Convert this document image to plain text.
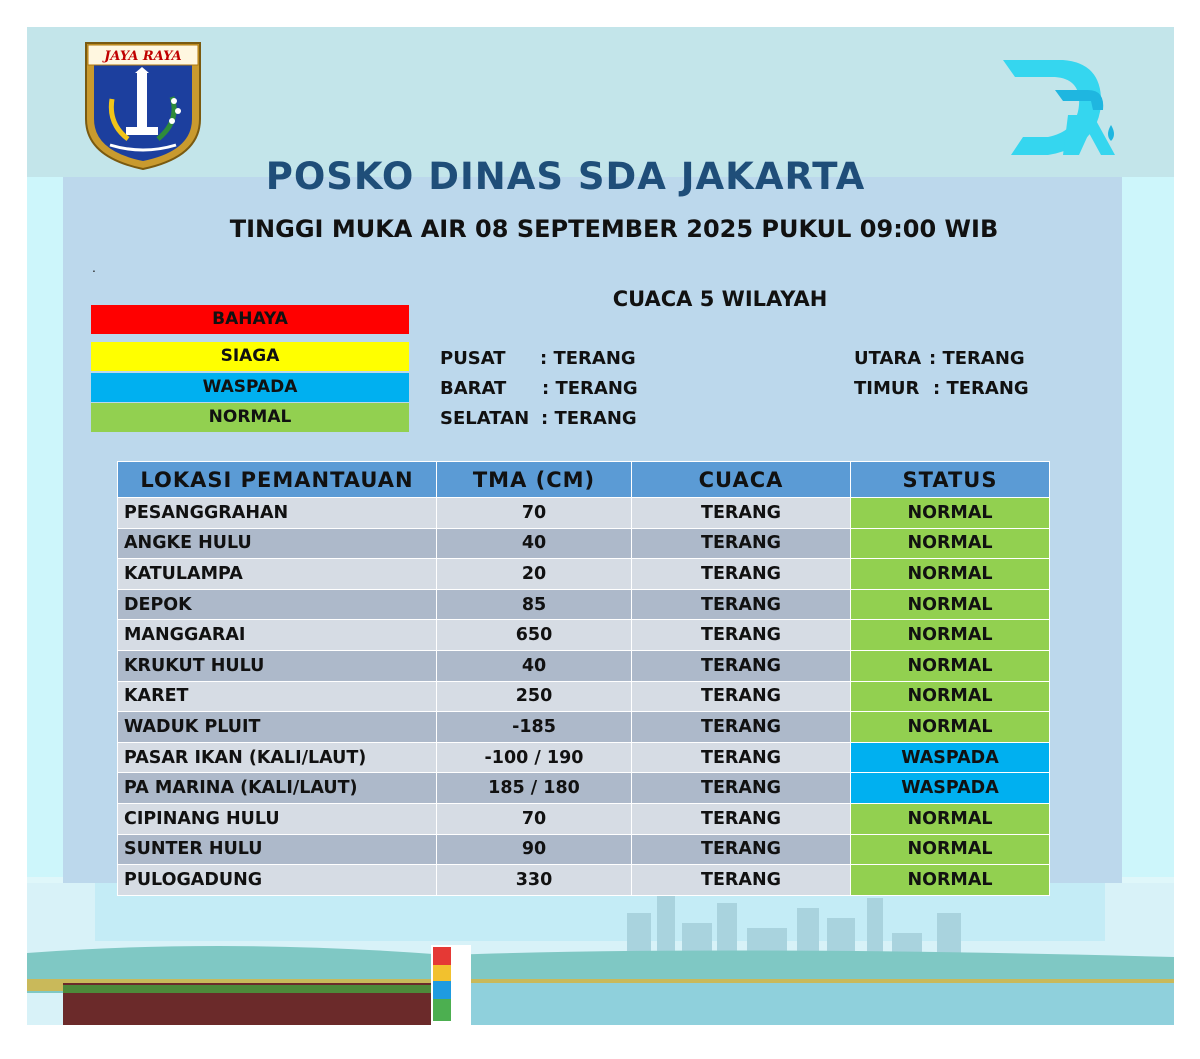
JAYA RAYA
POSKO DINAS SDA JAKARTA
TINGGI MUKA AIR 08 SEPTEMBER 2025 PUKUL 09:00 WIB
.
BAHAYA
SIAGA
WASPADA
NORMAL
CUACA 5 WILAYAH
PUSAT : TERANG
BARAT : TERANG
SELATAN : TERANG
UTARA : TERANG
TIMUR : TERANG
LOKASI PEMANTAUAN	TMA (CM)	CUACA	STATUS
PESANGGRAHAN	70	TERANG	NORMAL
ANGKE HULU	40	TERANG	NORMAL
KATULAMPA	20	TERANG	NORMAL
DEPOK	85	TERANG	NORMAL
MANGGARAI	650	TERANG	NORMAL
KRUKUT HULU	40	TERANG	NORMAL
KARET	250	TERANG	NORMAL
WADUK PLUIT	-185	TERANG	NORMAL
PASAR IKAN (KALI/LAUT)	-100 / 190	TERANG	WASPADA
PA MARINA (KALI/LAUT)	185 / 180	TERANG	WASPADA
CIPINANG HULU	70	TERANG	NORMAL
SUNTER HULU	90	TERANG	NORMAL
PULOGADUNG	330	TERANG	NORMAL
